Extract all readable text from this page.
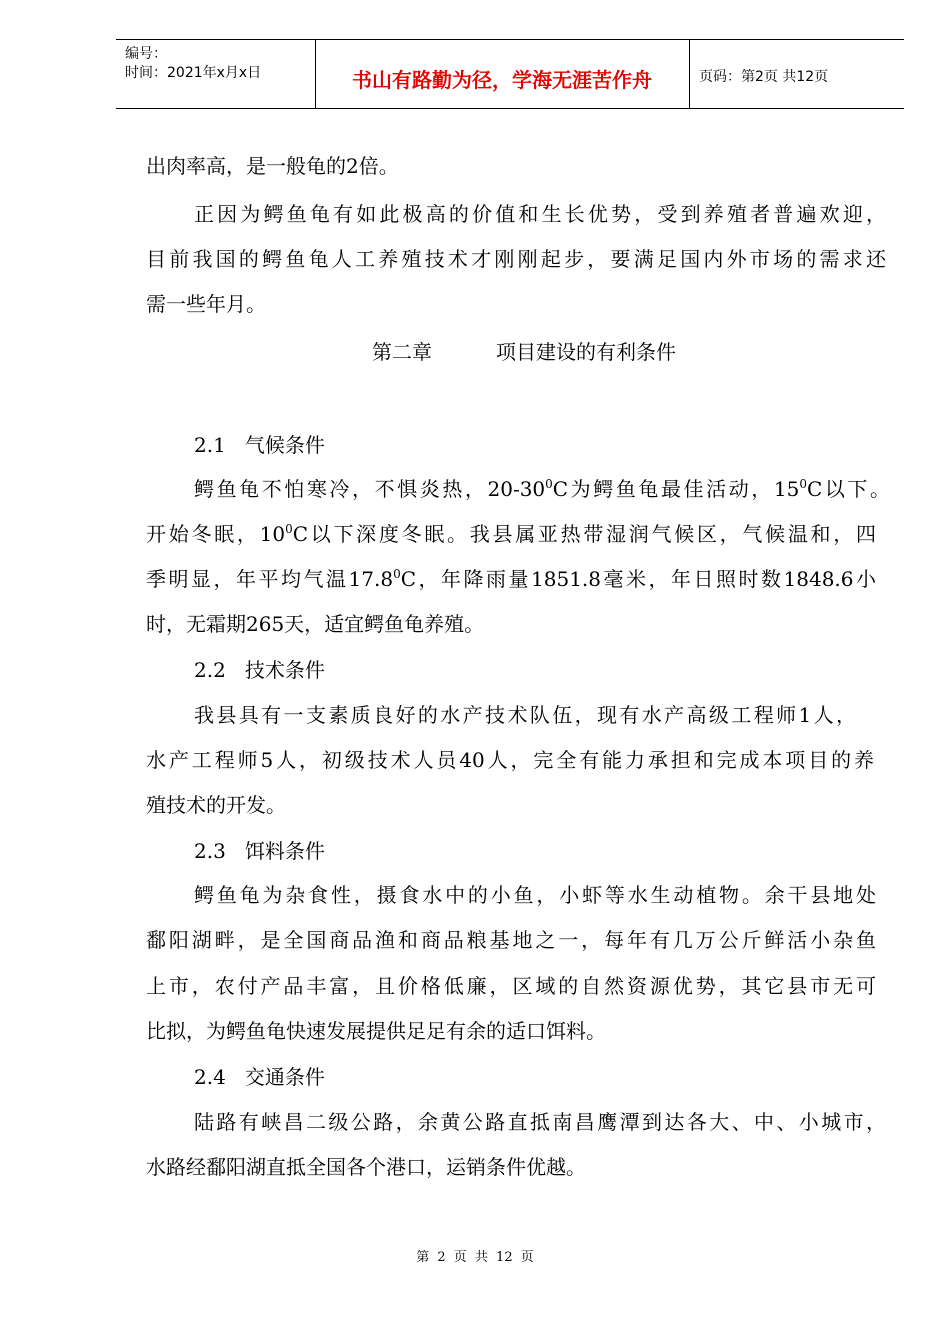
编号：
时间：2021年x月x日	书山有路勤为径，学海无涯苦作舟	页码：第2页 共12页
出肉率高，是一般龟的2倍。
正因为鳄鱼龟有如此极高的价值和生长优势，受到养殖者普遍欢迎，
目前我国的鳄鱼龟人工养殖技术才刚刚起步，要满足国内外市场的需求还
需一些年月。
第二章	项目建设的有利条件
2.1   气候条件
鳄鱼龟不怕寒冷，不惧炎热，$20-30^0C$为鳄鱼龟最佳活动，$15^0C$以下。
开始冬眠，$10^0C$以下深度冬眠。我县属亚热带湿润气候区，气候温和，四
季明显，年平均气温17.8$^0$C，年降雨量1851.8毫米，年日照时数1848.6小
时，无霜期265天，适宜鳄鱼龟养殖。
2.2   技术条件
我县具有一支素质良好的水产技术队伍，现有水产高级工程师1人，
水产工程师5人，初级技术人员40人，完全有能力承担和完成本项目的养
殖技术的开发。
2.3   饵料条件
鳄鱼龟为杂食性，摄食水中的小鱼，小虾等水生动植物。余干县地处
鄱阳湖畔，是全国商品渔和商品粮基地之一，每年有几万公斤鲜活小杂鱼
上市，农付产品丰富，且价格低廉，区域的自然资源优势，其它县市无可
比拟，为鳄鱼龟快速发展提供足足有余的适口饵料。
2.4   交通条件
陆路有峡昌二级公路，余黄公路直抵南昌鹰潭到达各大、中、小城市，
水路经鄱阳湖直抵全国各个港口，运销条件优越。
第 2 页 共 12 页
